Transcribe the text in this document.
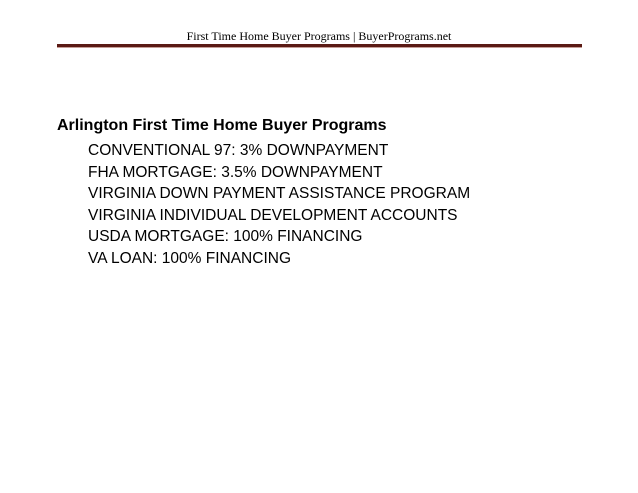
First Time Home Buyer Programs | BuyerPrograms.net
Arlington First Time Home Buyer Programs
CONVENTIONAL 97: 3% DOWNPAYMENT
FHA MORTGAGE: 3.5% DOWNPAYMENT
VIRGINIA DOWN PAYMENT ASSISTANCE PROGRAM
VIRGINIA INDIVIDUAL DEVELOPMENT ACCOUNTS
USDA MORTGAGE: 100% FINANCING
VA LOAN: 100% FINANCING
